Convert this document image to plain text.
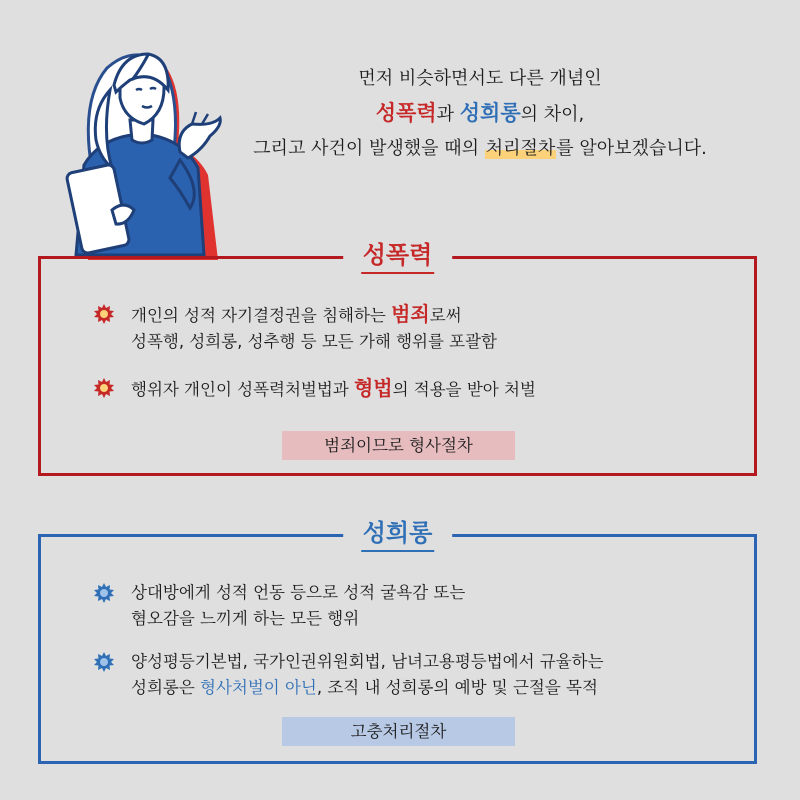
먼저 비슷하면서도 다른 개념인
성폭력과 성희롱의 차이,
그리고 사건이 발생했을 때의 처리절차를 알아보겠습니다.
성폭력
개인의 성적 자기결정권을 침해하는 범죄로써
성폭행, 성희롱, 성추행 등 모든 가해 행위를 포괄함
행위자 개인이 성폭력처벌법과 형법의 적용을 받아 처벌
범죄이므로 형사절차
성희롱
상대방에게 성적 언동 등으로 성적 굴욕감 또는
혐오감을 느끼게 하는 모든 행위
양성평등기본법, 국가인권위원회법, 남녀고용평등법에서 규율하는
성희롱은 형사처벌이 아닌, 조직 내 성희롱의 예방 및 근절을 목적
고충처리절차
